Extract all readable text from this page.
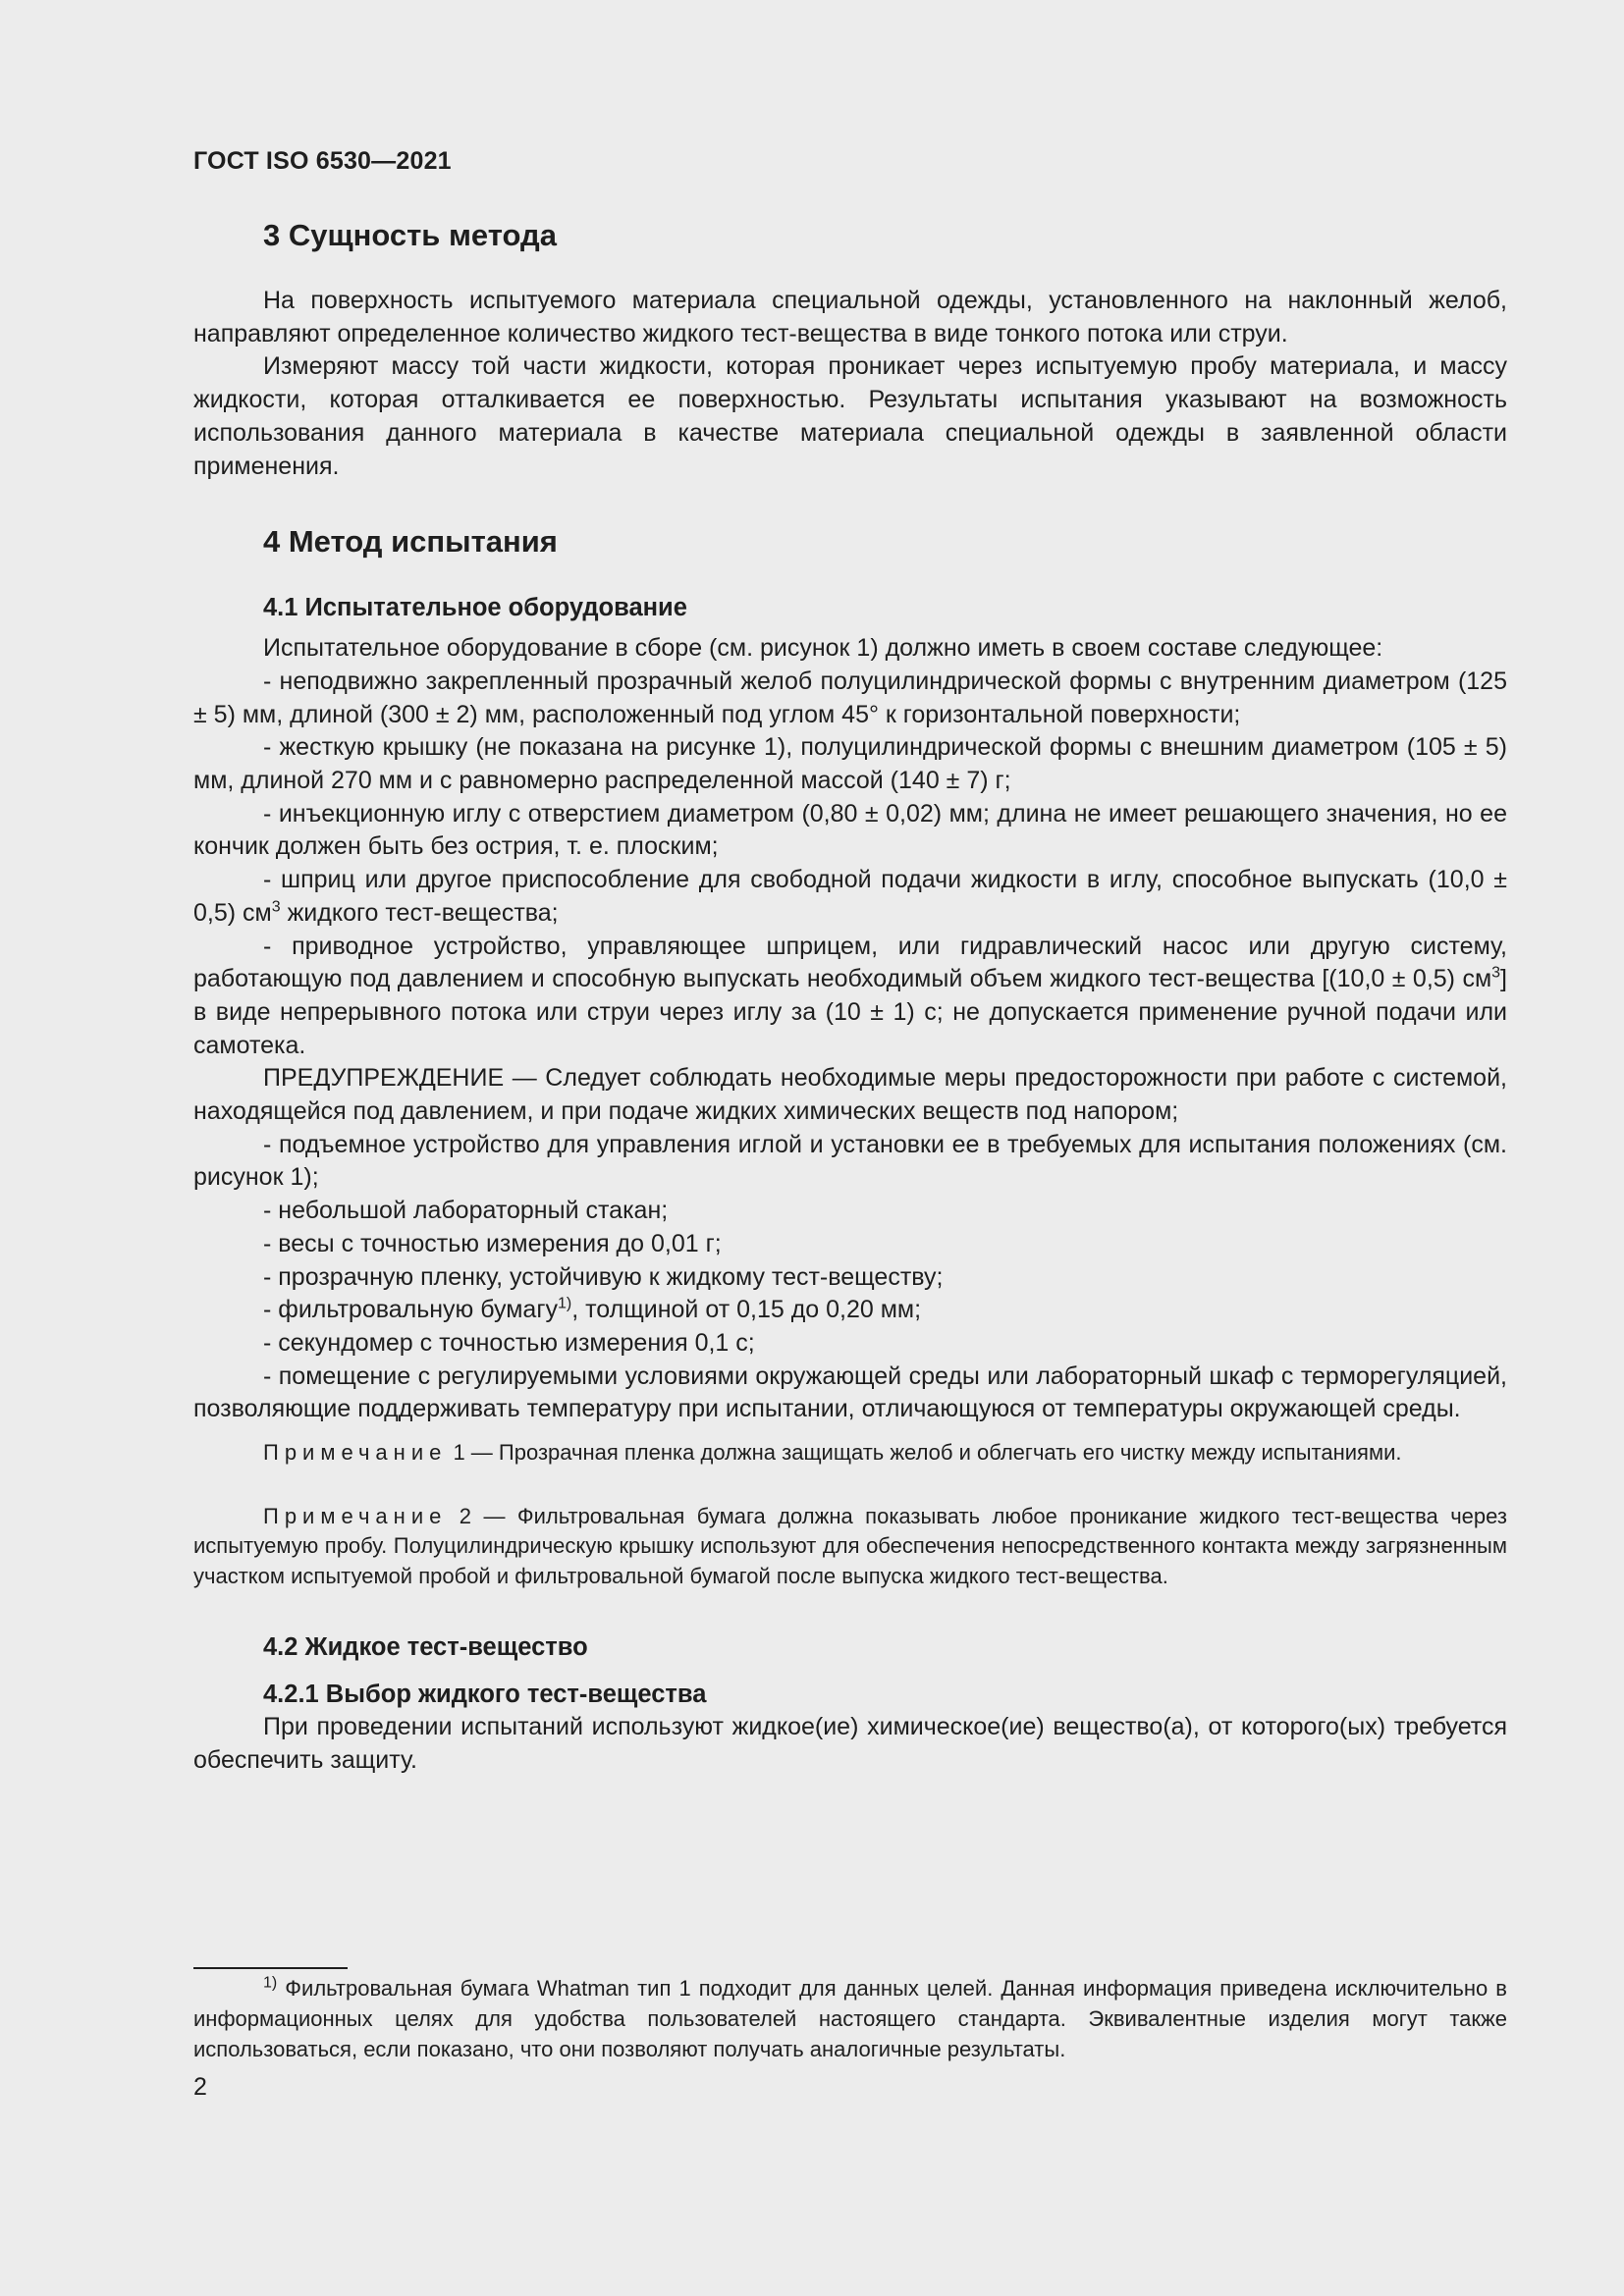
ГОСТ ISO 6530—2021
3 Сущность метода

На поверхность испытуемого материала специальной одежды, установленного на наклонный желоб, направляют определенное количество жидкого тест-вещества в виде тонкого потока или струи.

Измеряют массу той части жидкости, которая проникает через испытуемую пробу материала, и массу жидкости, которая отталкивается ее поверхностью. Результаты испытания указывают на возможность использования данного материала в качестве материала специальной одежды в заявленной области применения.

4 Метод испытания
4.1 Испытательное оборудование

Испытательное оборудование в сборе (см. рисунок 1) должно иметь в своем составе следующее:

- неподвижно закрепленный прозрачный желоб полуцилиндрической формы с внутренним диаметром (125 ± 5) мм, длиной (300 ± 2) мм, расположенный под углом 45° к горизонтальной поверхности;

- жесткую крышку (не показана на рисунке 1), полуцилиндрической формы с внешним диаметром (105 ± 5) мм, длиной 270 мм и с равномерно распределенной массой (140 ± 7) г;

- инъекционную иглу с отверстием диаметром (0,80 ± 0,02) мм; длина не имеет решающего значения, но ее кончик должен быть без острия, т. е. плоским;

- шприц или другое приспособление для свободной подачи жидкости в иглу, способное выпускать (10,0 ± 0,5) $см^3$ жидкого тест-вещества;

- приводное устройство, управляющее шприцем, или гидравлический насос или другую систему, работающую под давлением и способную выпускать необходимый объем жидкого тест-вещества [(10,0 ± 0,5) $см^3$] в виде непрерывного потока или струи через иглу за (10 ± 1) с; не допускается применение ручной подачи или самотека.

ПРЕДУПРЕЖДЕНИЕ — Следует соблюдать необходимые меры предосторожности при работе с системой, находящейся под давлением, и при подаче жидких химических веществ под напором;

- подъемное устройство для управления иглой и установки ее в требуемых для испытания положениях (см. рисунок 1);

- небольшой лабораторный стакан;

- весы с точностью измерения до 0,01 г;

- прозрачную пленку, устойчивую к жидкому тест-веществу;

- фильтровальную бумагу$^{1)}$, толщиной от 0,15 до 0,20 мм;

- секундомер с точностью измерения 0,1 с;

- помещение с регулируемыми условиями окружающей среды или лабораторный шкаф с терморегуляцией, позволяющие поддерживать температуру при испытании, отличающуюся от температуры окружающей среды.

Примечание 1 — Прозрачная пленка должна защищать желоб и облегчать его чистку между испытаниями.

Примечание 2 — Фильтровальная бумага должна показывать любое проникание жидкого тест-вещества через испытуемую пробу. Полуцилиндрическую крышку используют для обеспечения непосредственного контакта между загрязненным участком испытуемой пробой и фильтровальной бумагой после выпуска жидкого тест-вещества.

4.2 Жидкое тест-вещество
4.2.1 Выбор жидкого тест-вещества

При проведении испытаний используют жидкое(ие) химическое(ие) вещество(а), от которого(ых) требуется обеспечить защиту.

$^{1)}$ Фильтровальная бумага Whatman тип 1 подходит для данных целей. Данная информация приведена исключительно в информационных целях для удобства пользователей настоящего стандарта. Эквивалентные изделия могут также использоваться, если показано, что они позволяют получать аналогичные результаты.
2
